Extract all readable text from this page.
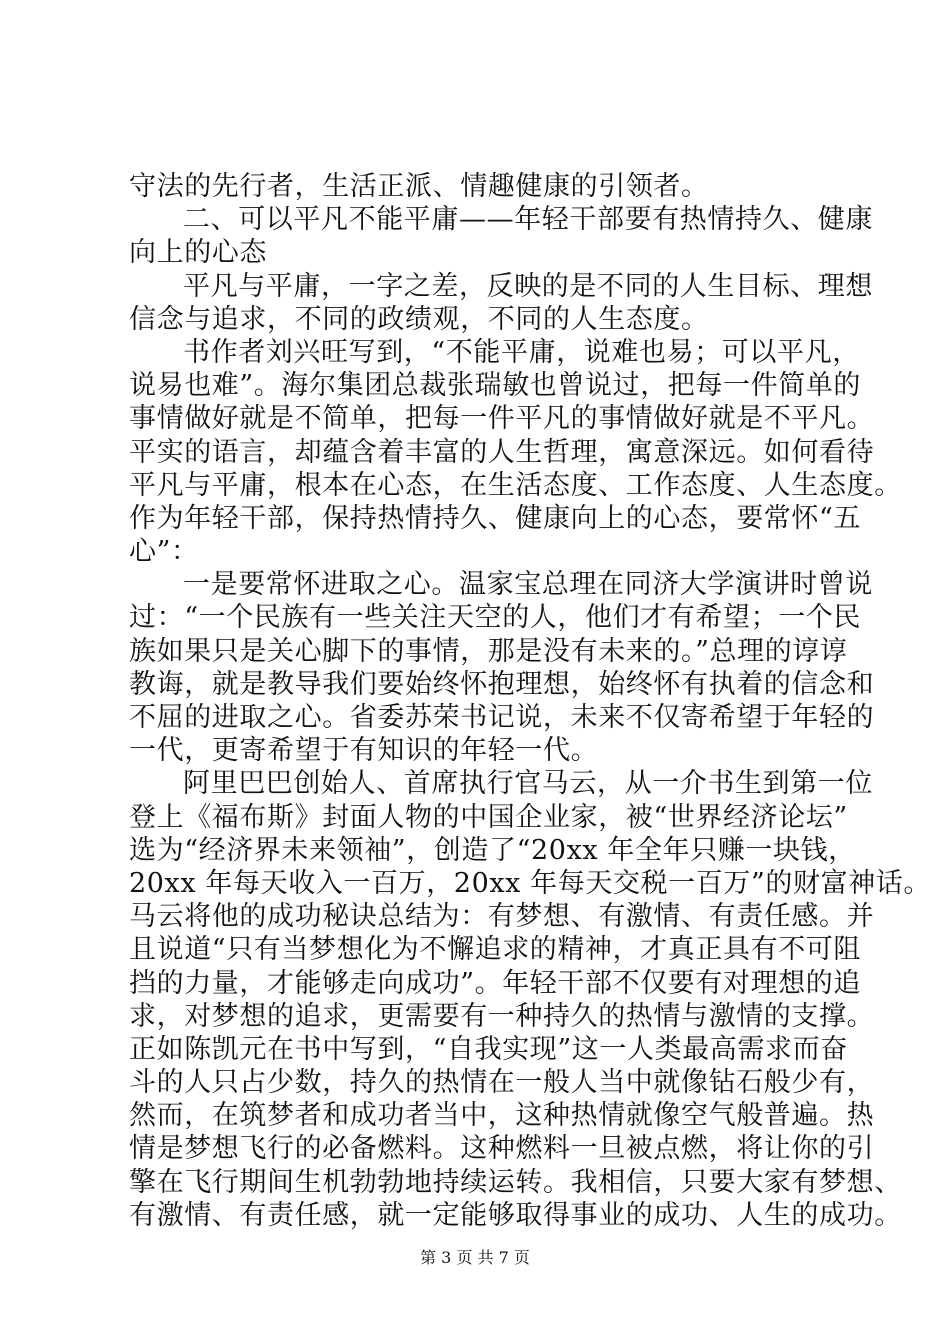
守法的先行者，生活正派、情趣健康的引领者。
二、可以平凡不能平庸——年轻干部要有热情持久、健康
向上的心态
平凡与平庸，一字之差，反映的是不同的人生目标、理想
信念与追求，不同的政绩观，不同的人生态度。
书作者刘兴旺写到，“不能平庸，说难也易；可以平凡，
说易也难”。海尔集团总裁张瑞敏也曾说过，把每一件简单的
事情做好就是不简单，把每一件平凡的事情做好就是不平凡。
平实的语言，却蕴含着丰富的人生哲理，寓意深远。如何看待
平凡与平庸，根本在心态，在生活态度、工作态度、人生态度。
作为年轻干部，保持热情持久、健康向上的心态，要常怀“五
心”：
一是要常怀进取之心。温家宝总理在同济大学演讲时曾说
过：“一个民族有一些关注天空的人，他们才有希望；一个民
族如果只是关心脚下的事情，那是没有未来的。”总理的谆谆
教诲，就是教导我们要始终怀抱理想，始终怀有执着的信念和
不屈的进取之心。省委苏荣书记说，未来不仅寄希望于年轻的
一代，更寄希望于有知识的年轻一代。
阿里巴巴创始人、首席执行官马云，从一介书生到第一位
登上《福布斯》封面人物的中国企业家，被“世界经济论坛”
选为“经济界未来领袖”，创造了“20xx 年全年只赚一块钱，
20xx 年每天收入一百万，20xx 年每天交税一百万”的财富神话。
马云将他的成功秘诀总结为：有梦想、有激情、有责任感。并
且说道“只有当梦想化为不懈追求的精神，才真正具有不可阻
挡的力量，才能够走向成功”。年轻干部不仅要有对理想的追
求，对梦想的追求，更需要有一种持久的热情与激情的支撑。
正如陈凯元在书中写到，“自我实现”这一人类最高需求而奋
斗的人只占少数，持久的热情在一般人当中就像钻石般少有，
然而，在筑梦者和成功者当中，这种热情就像空气般普遍。热
情是梦想飞行的必备燃料。这种燃料一旦被点燃，将让你的引
擎在飞行期间生机勃勃地持续运转。我相信，只要大家有梦想、
有激情、有责任感，就一定能够取得事业的成功、人生的成功。
第 3 页 共 7 页
